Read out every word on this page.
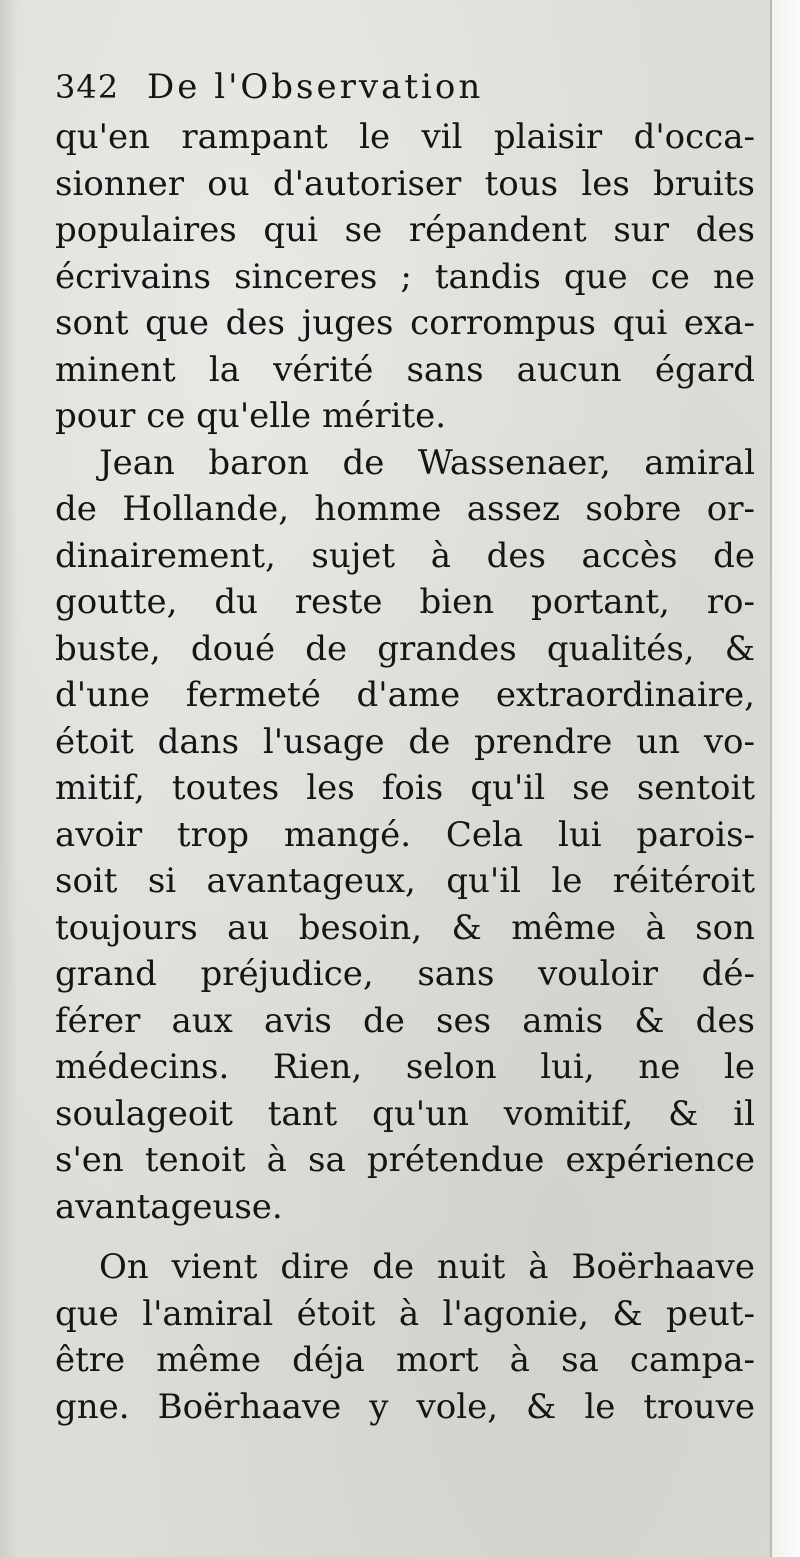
342 De l'Observation
qu'en rampant le vil plaisir d'occa-
sionner ou d'autoriser tous les bruits
populaires qui se répandent sur des
écrivains sinceres ; tandis que ce ne
sont que des juges corrompus qui exa-
minent la vérité sans aucun égard
pour ce qu'elle mérite.
Jean baron de Wassenaer, amiral
de Hollande, homme assez sobre or-
dinairement, sujet à des accès de
goutte, du reste bien portant, ro-
buste, doué de grandes qualités, &
d'une fermeté d'ame extraordinaire,
étoit dans l'usage de prendre un vo-
mitif, toutes les fois qu'il se sentoit
avoir trop mangé. Cela lui parois-
soit si avantageux, qu'il le réitéroit
toujours au besoin, & même à son
grand préjudice, sans vouloir dé-
férer aux avis de ses amis & des
médecins. Rien, selon lui, ne le
soulageoit tant qu'un vomitif, & il
s'en tenoit à sa prétendue expérience
avantageuse.
On vient dire de nuit à Boërhaave
que l'amiral étoit à l'agonie, & peut-
être même déja mort à sa campa-
gne. Boërhaave y vole, & le trouve
